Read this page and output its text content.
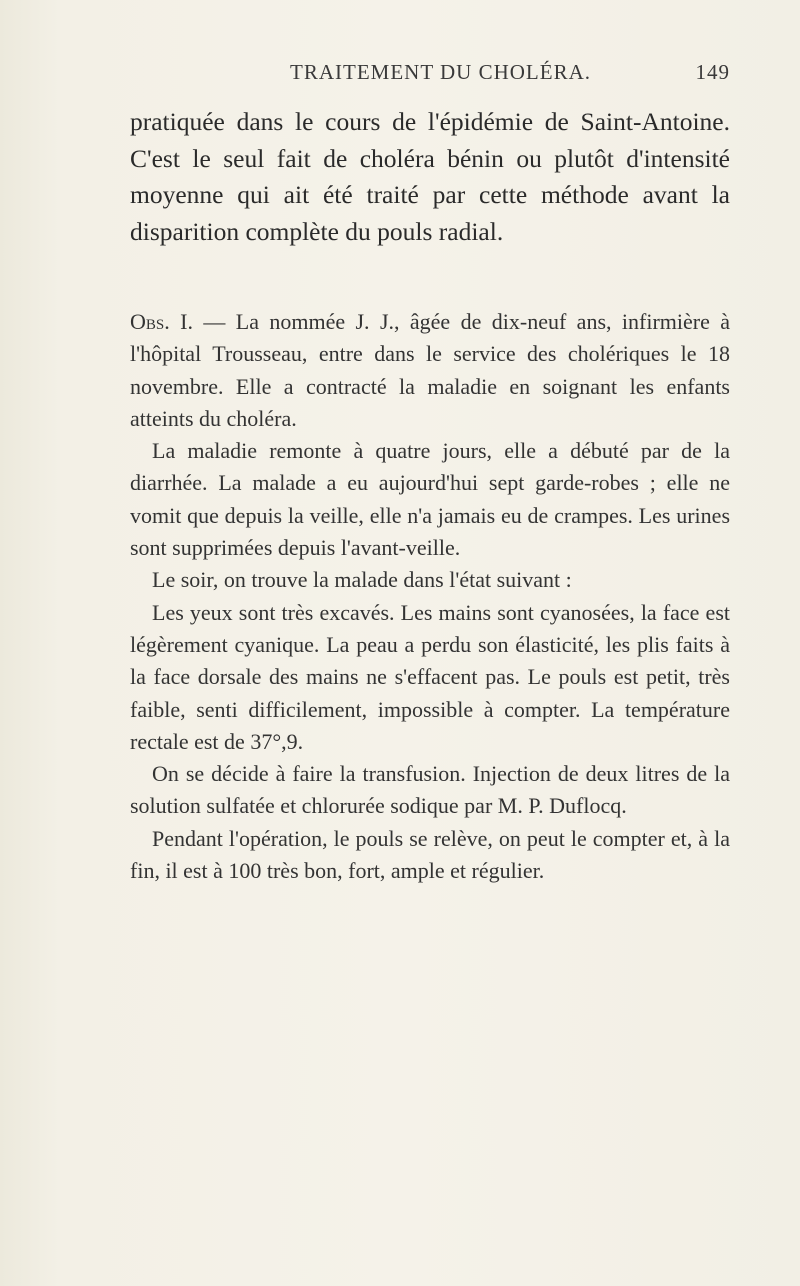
TRAITEMENT DU CHOLÉRA.	149
pratiquée dans le cours de l'épidémie de Saint-Antoine. C'est le seul fait de choléra bénin ou plutôt d'intensité moyenne qui ait été traité par cette méthode avant la disparition complète du pouls radial.

Obs. I. — La nommée J. J., âgée de dix-neuf ans, infirmière à l'hôpital Trousseau, entre dans le service des cholériques le 18 novembre. Elle a contracté la maladie en soignant les enfants atteints du choléra.

La maladie remonte à quatre jours, elle a débuté par de la diarrhée. La malade a eu aujourd'hui sept garde-robes ; elle ne vomit que depuis la veille, elle n'a jamais eu de crampes. Les urines sont supprimées depuis l'avant-veille.

Le soir, on trouve la malade dans l'état suivant :

Les yeux sont très excavés. Les mains sont cyanosées, la face est légèrement cyanique. La peau a perdu son élasticité, les plis faits à la face dorsale des mains ne s'effacent pas. Le pouls est petit, très faible, senti difficilement, impossible à compter. La température rectale est de 37°,9.

On se décide à faire la transfusion. Injection de deux litres de la solution sulfatée et chlorurée sodique par M. P. Duflocq.

Pendant l'opération, le pouls se relève, on peut le compter et, à la fin, il est à 100 très bon, fort, ample et régulier.
